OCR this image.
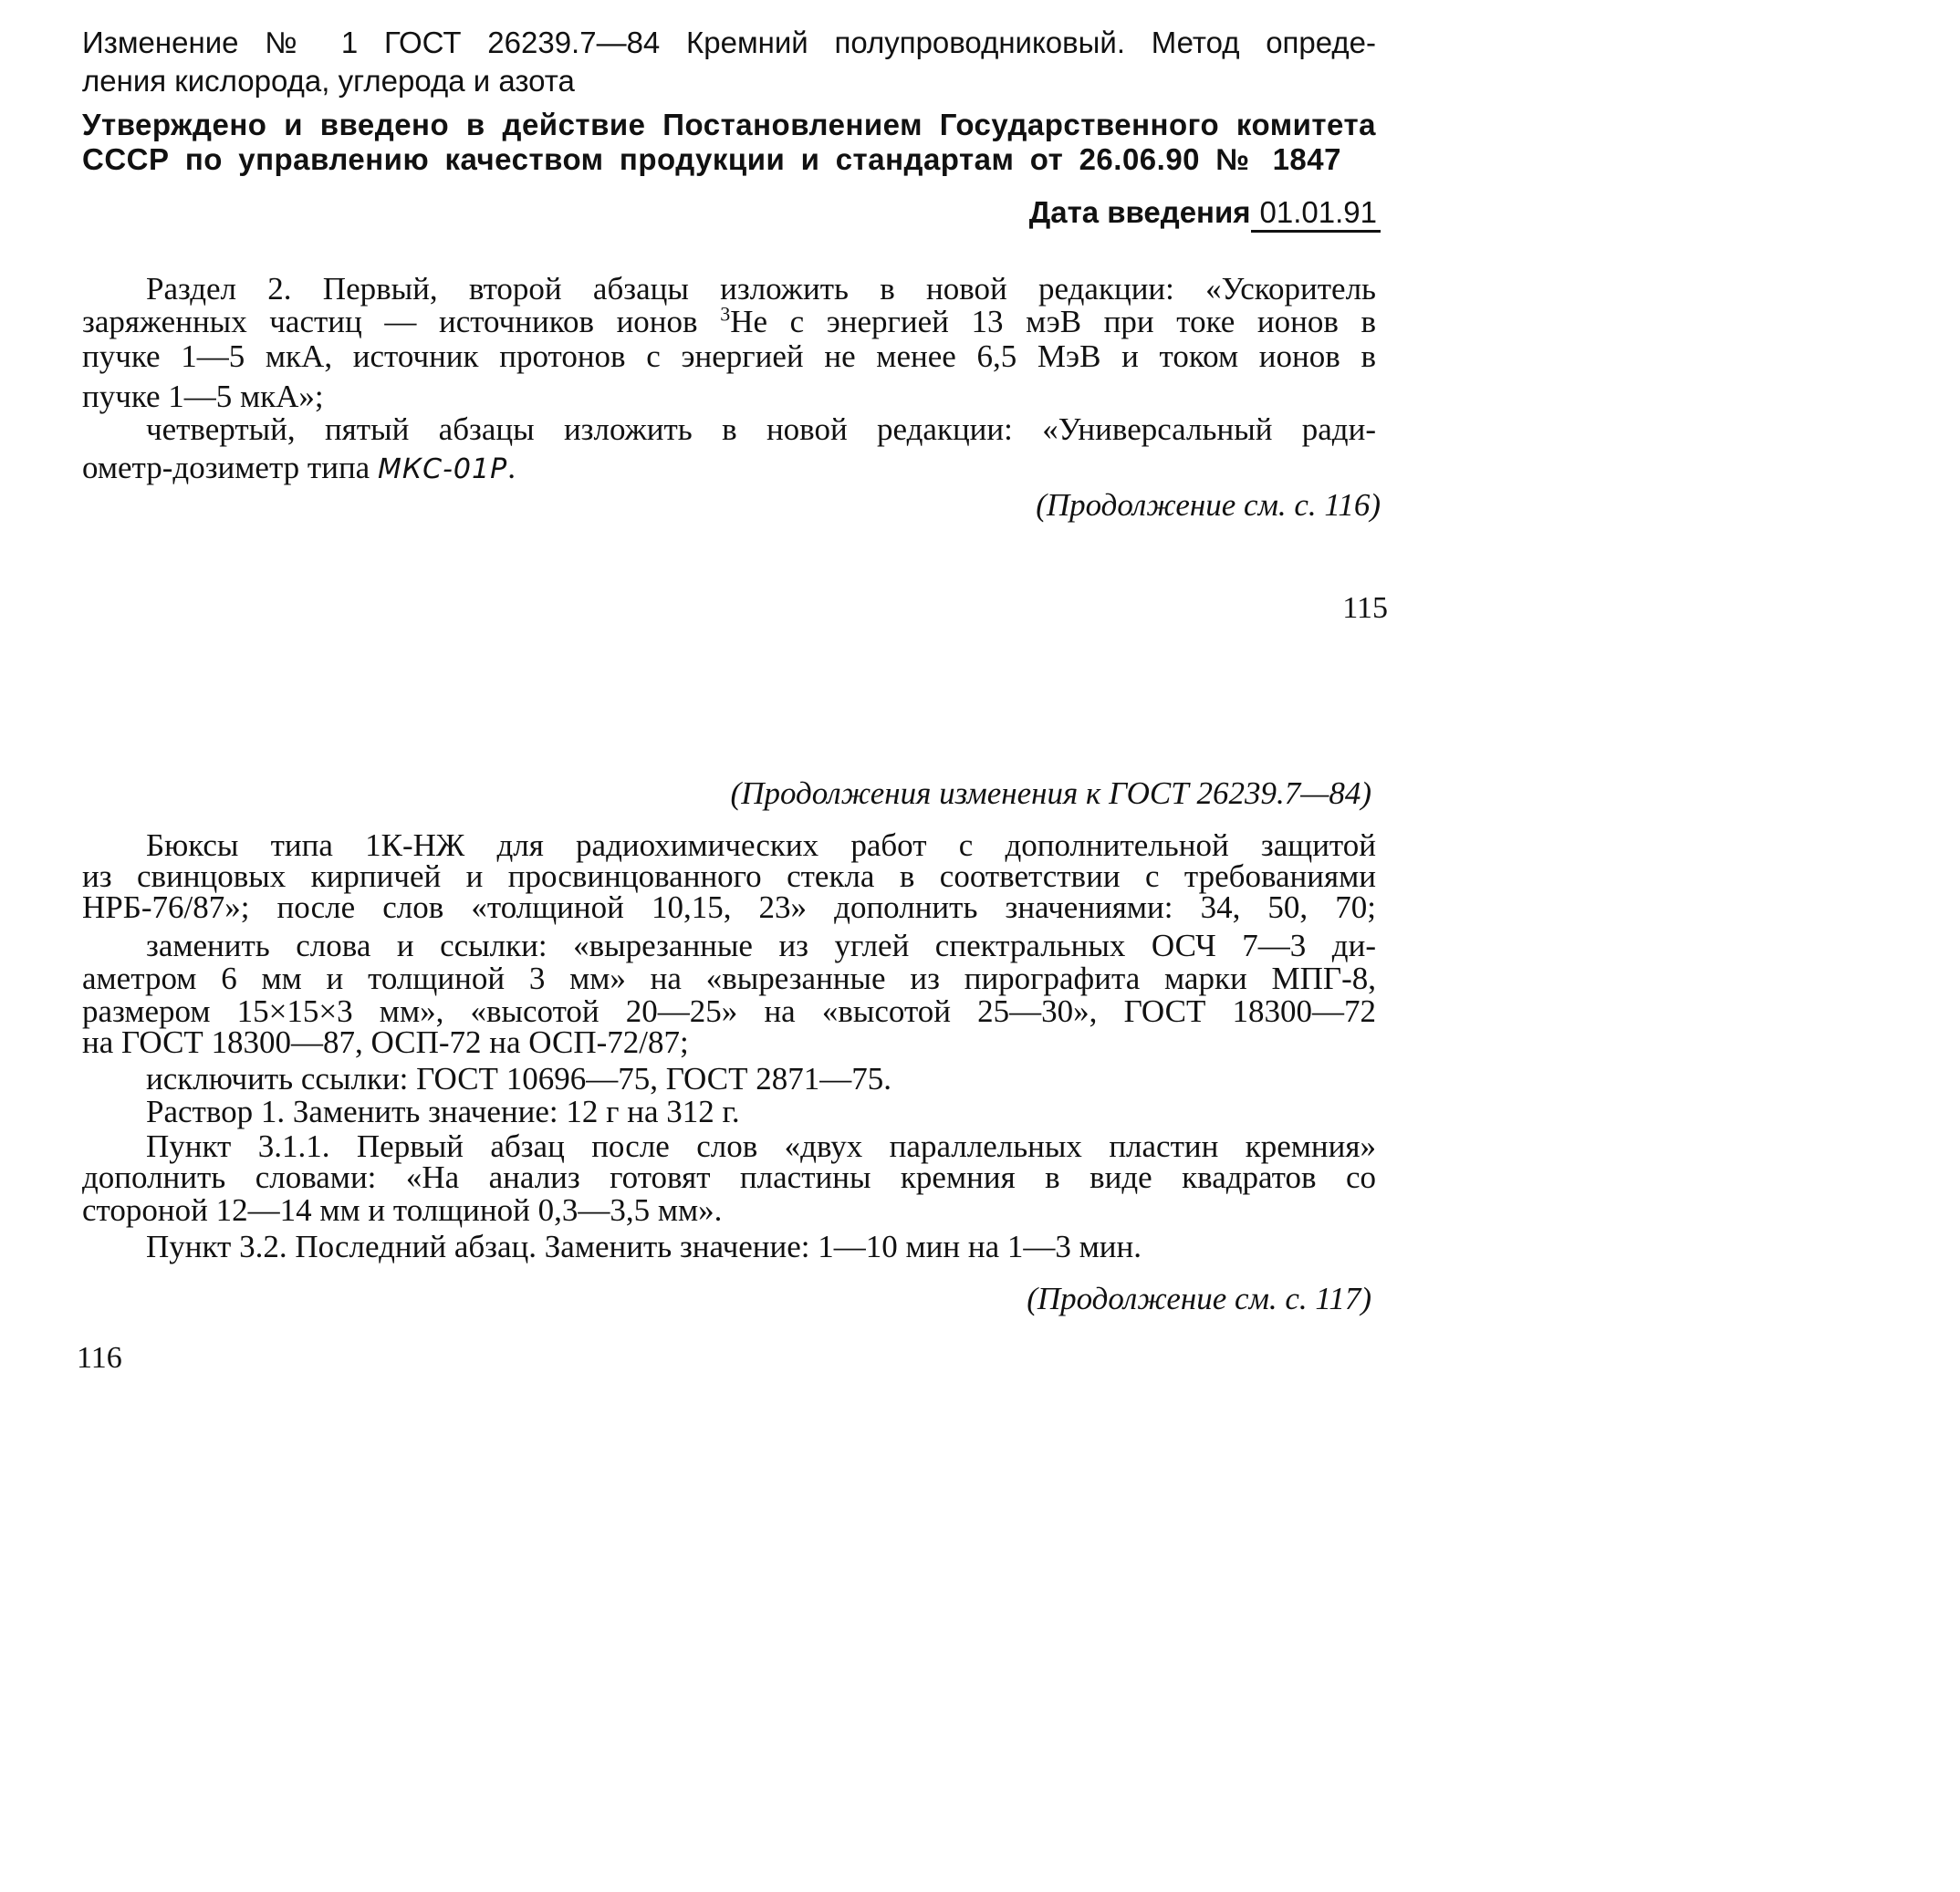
Изменение № 1 ГОСТ 26239.7—84 Кремний полупроводниковый. Метод опреде-
ления кислорода, углерода и азота
Утверждено и введено в действие Постановлением Государственного комитета
СССР по управлению качеством продукции и стандартам от 26.06.90 № 1847
Дата введения 01.01.91
Раздел 2. Первый, второй абзацы изложить в новой редакции: «Ускоритель
заряженных частиц — источников ионов $^3$Не с энергией 13 мэВ при токе ионов в
пучке 1—5 мкА, источник протонов с энергией не менее 6,5 МэВ и током ионов в
пучке 1—5 мкА»;
четвертый, пятый абзацы изложить в новой редакции: «Универсальный ради-
ометр-дозиметр типа МКС-01Р.
(Продолжение см. с. 116)
115
(Продолжения изменения к ГОСТ 26239.7—84)
Бюксы типа 1К-НЖ для радиохимических работ с дополнительной защитой
из свинцовых кирпичей и просвинцованного стекла в соответствии с требованиями
НРБ-76/87»; после слов «толщиной 10,15, 23» дополнить значениями: 34, 50, 70;
заменить слова и ссылки: «вырезанные из углей спектральных ОСЧ 7—3 ди-
аметром 6 мм и толщиной 3 мм» на «вырезанные из пирографита марки МПГ-8,
размером 15×15×3 мм», «высотой 20—25» на «высотой 25—30», ГОСТ 18300—72
на ГОСТ 18300—87, ОСП-72 на ОСП-72/87;
исключить ссылки: ГОСТ 10696—75, ГОСТ 2871—75.
Раствор 1. Заменить значение: 12 г на 312 г.
Пункт 3.1.1. Первый абзац после слов «двух параллельных пластин кремния»
дополнить словами: «На анализ готовят пластины кремния в виде квадратов со
стороной 12—14 мм и толщиной 0,3—3,5 мм».
Пункт 3.2. Последний абзац. Заменить значение: 1—10 мин на 1—3 мин.
(Продолжение см. с. 117)
116
